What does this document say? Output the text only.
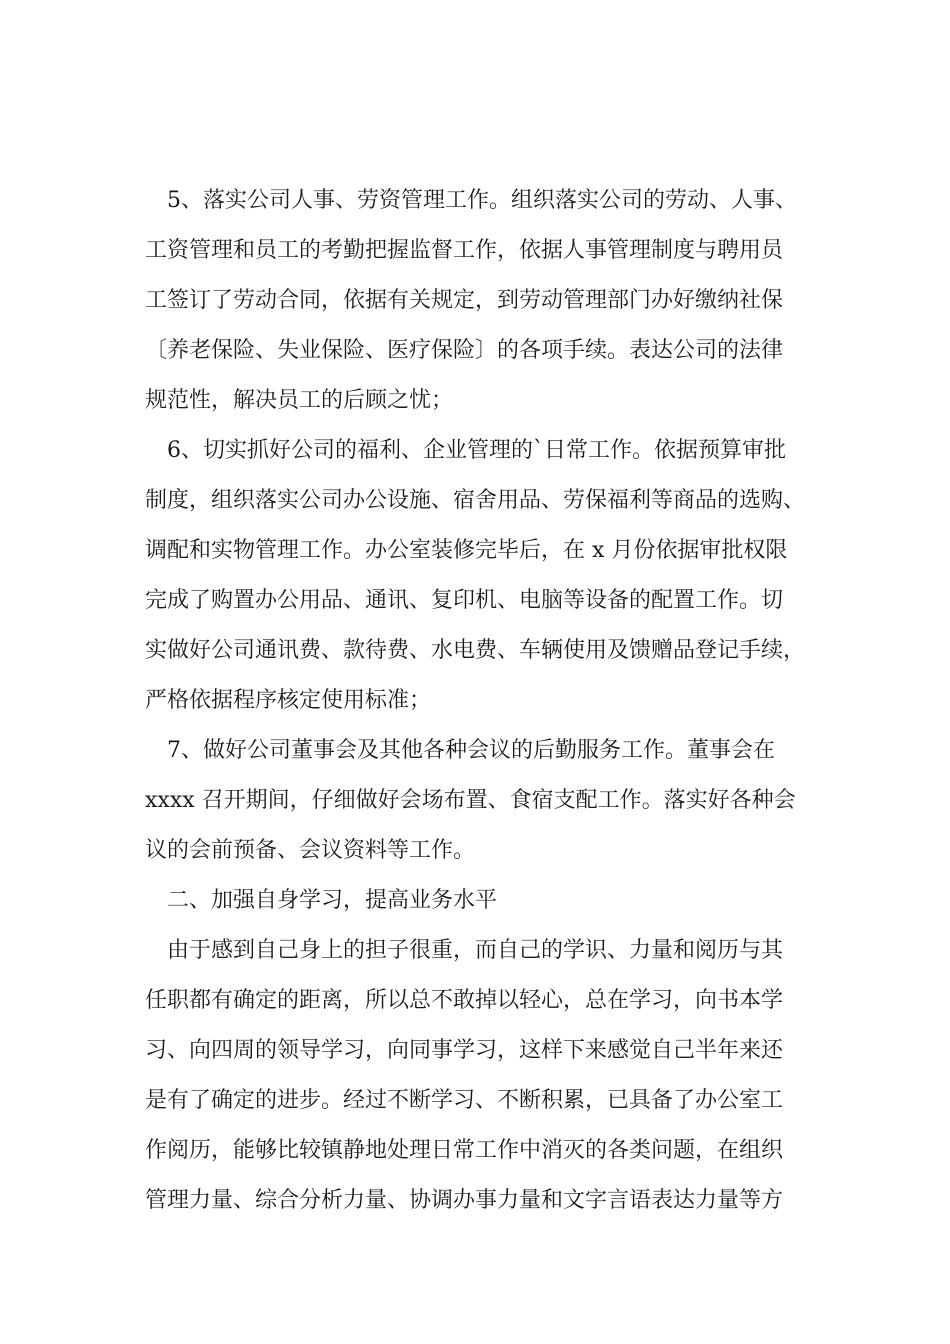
5、落实公司人事、劳资管理工作。组织落实公司的劳动、人事、
工资管理和员工的考勤把握监督工作，依据人事管理制度与聘用员
工签订了劳动合同，依据有关规定，到劳动管理部门办好缴纳社保
〔养老保险、失业保险、医疗保险〕的各项手续。表达公司的法律
规范性，解决员工的后顾之忧；
6、切实抓好公司的福利、企业管理的`日常工作。依据预算审批
制度，组织落实公司办公设施、宿舍用品、劳保福利等商品的选购、
调配和实物管理工作。办公室装修完毕后，在 x 月份依据审批权限
完成了购置办公用品、通讯、复印机、电脑等设备的配置工作。切
实做好公司通讯费、款待费、水电费、车辆使用及馈赠品登记手续，
严格依据程序核定使用标准；
7、做好公司董事会及其他各种会议的后勤服务工作。董事会在
xxxx 召开期间，仔细做好会场布置、食宿支配工作。落实好各种会
议的会前预备、会议资料等工作。
二、加强自身学习，提高业务水平
由于感到自己身上的担子很重，而自己的学识、力量和阅历与其
任职都有确定的距离，所以总不敢掉以轻心，总在学习，向书本学
习、向四周的领导学习，向同事学习，这样下来感觉自己半年来还
是有了确定的进步。经过不断学习、不断积累，已具备了办公室工
作阅历，能够比较镇静地处理日常工作中消灭的各类问题，在组织
管理力量、综合分析力量、协调办事力量和文字言语表达力量等方
